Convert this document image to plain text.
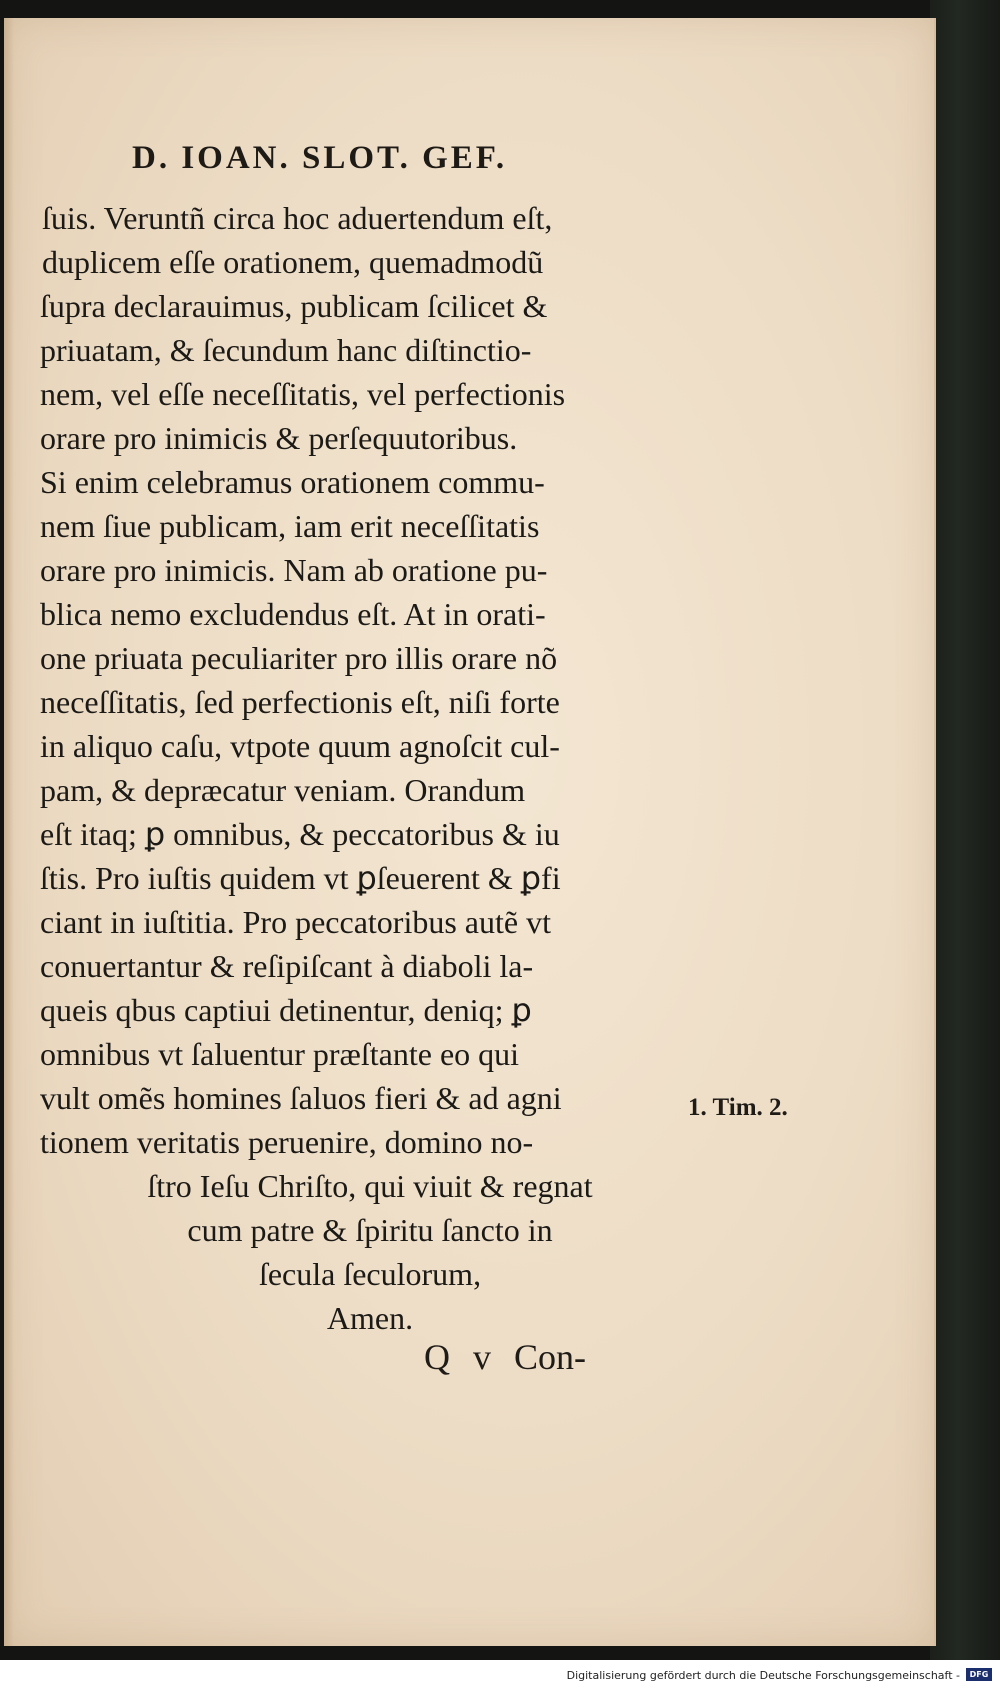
D. IOAN. SLOT. GEF.
ſuis. Veruntñ circa hoc aduertendum eſt,
duplicem eſſe orationem, quemadmodũ
ſupra declarauimus, publicam ſcilicet &
priuatam, & ſecundum hanc diſtinctio-
nem, vel eſſe neceſſitatis, vel perfectionis
orare pro inimicis & perſequutoribus.
Si enim celebramus orationem commu-
nem ſiue publicam, iam erit neceſſitatis
orare pro inimicis. Nam ab oratione pu-
blica nemo excludendus eſt. At in orati-
one priuata peculiariter pro illis orare nõ
neceſſitatis, ſed perfectionis eſt, niſi forte
in aliquo caſu, vtpote quum agnoſcit cul-
pam, & depræcatur veniam. Orandum
eſt itaq; ꝑ omnibus, & peccatoribus & iu
ſtis. Pro iuſtis quidem vt ꝑſeuerent & ꝑfi
ciant in iuſtitia. Pro peccatoribus autẽ vt
conuertantur & reſipiſcant à diaboli la-
queis qbus captiui detinentur, deniq; ꝑ
omnibus vt ſaluentur præſtante eo qui
vult omẽs homines ſaluos fieri & ad agni
tionem veritatis peruenire, domino no-
ſtro Ieſu Chriſto, qui viuit & regnat
cum patre & ſpiritu ſancto in
ſecula ſeculorum,
Amen.
1. Tim. 2.
Q v Con-
Digitalisierung gefördert durch die Deutsche Forschungsgemeinschaft -	DFG
